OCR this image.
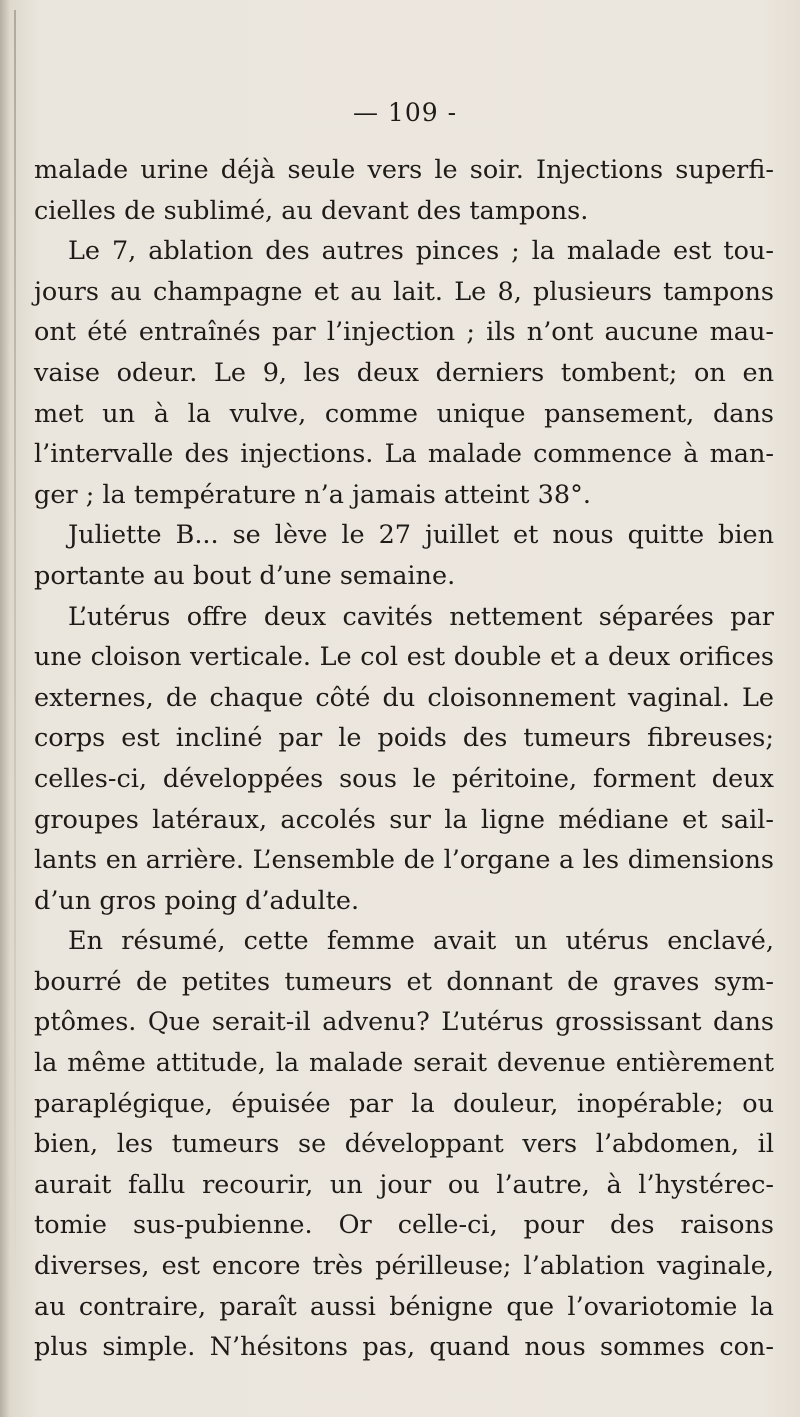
— 109 -
malade urine déjà seule vers le soir. Injections superfi-
cielles de sublimé, au devant des tampons.
Le 7, ablation des autres pinces ; la malade est tou-
jours au champagne et au lait. Le 8, plusieurs tampons
ont été entraînés par l’injection ; ils n’ont aucune mau-
vaise odeur. Le 9, les deux derniers tombent; on en
met un à la vulve, comme unique pansement, dans
l’intervalle des injections. La malade commence à man-
ger ; la température n’a jamais atteint 38°.
Juliette B... se lève le 27 juillet et nous quitte bien
portante au bout d’une semaine.
L’utérus offre deux cavités nettement séparées par
une cloison verticale. Le col est double et a deux orifices
externes, de chaque côté du cloisonnement vaginal. Le
corps est incliné par le poids des tumeurs fibreuses;
celles-ci, développées sous le péritoine, forment deux
groupes latéraux, accolés sur la ligne médiane et sail-
lants en arrière. L’ensemble de l’organe a les dimensions
d’un gros poing d’adulte.
En résumé, cette femme avait un utérus enclavé,
bourré de petites tumeurs et donnant de graves sym-
ptômes. Que serait-il advenu? L’utérus grossissant dans
la même attitude, la malade serait devenue entièrement
paraplégique, épuisée par la douleur, inopérable; ou
bien, les tumeurs se développant vers l’abdomen, il
aurait fallu recourir, un jour ou l’autre, à l’hystérec-
tomie sus-pubienne. Or celle-ci, pour des raisons
diverses, est encore très périlleuse; l’ablation vaginale,
au contraire, paraît aussi bénigne que l’ovariotomie la
plus simple. N’hésitons pas, quand nous sommes con-
